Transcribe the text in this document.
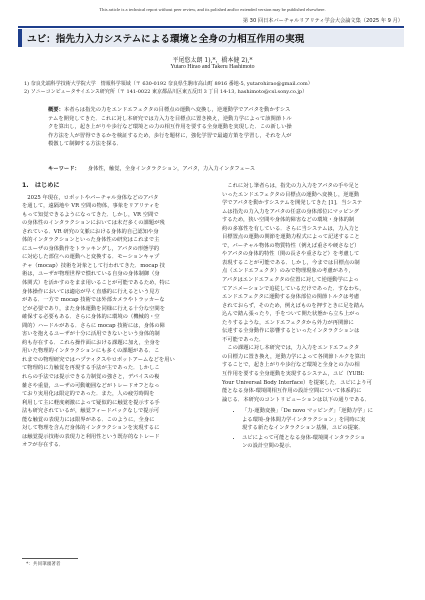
This article is a technical report without peer review, and its polished and/or extended version may be published elsewhere.
第 30 回日本バーチャルリアリティ学会大会論文集（2025 年 9 月）
ユビ：指先力入力システムによる環境と全身の力相互作用の実現
平尾悠太朗 1),*，橋本健 2),*
Yutaro Hirao and Takeru Hashimoto
1) 奈良先端科学技術大学院大学　情報科学領域（〒 630-0192 奈良県生駒市高山町 8916 番地-5, yutarohirao@gmail.com）
2) ソニーコンピュータサイエンス研究所（〒 141-0022 東京都品川区東五反田 3 丁目 14-13, hashimoto@csl.sony.co.jp）
概要：本者らは指先の力をエンドエフェクタの目標点の運動へ変換し，逆運動学でアバタを動かすシス
テムを開発してきた．これに対し本研究では力入力を目標点に置き換え，逆動力学によって該関節トル
クを算出し，起き上がりや歩行など環境との力の相互作用を要する全身運動を実現した．この新しい操
作方法を人が習得できるかを検証するため，歩行を題材に，強化学習で最適方策を学習し，それを人が
模倣して制御する方法を探る．
キーワード： 身体性，触覚，全身インタラクション，アバタ，力入力インタフェース
1.　はじめに
2025 年現在，ロボットやバーチャル身体などのアバタ
を通して，遠隔地や VR 空間の物体，事象をリアリティを
もって知覚できるようになってきた．しかし，VR 空間で
の身体性のインタラクションにおいては未だ多くの課題が残
されている．VR 研究の文脈における身体的自己認知や身
体的インタラクションといった身体性の研究はこれまで主
にユーザの身体動作をトラッキングし，アバタの形態学的
に対応した部位への運動へと変換する．モーションキャプ
チャ（mocap）技術を対象として行われてきた．mocap 技
術は，ユーザが物理世界で慣れている自身の身体制御（身
体関式）を活かすのをまま用いることが可能であるため，特に
身体操作においては適応が早く直感的に行えるという見方
がある．一方で mocap 技術では外部カメラやトラッカーな
どが必要であり，また身体運動を同様に行える十分な空間を
確保する必要もある．さらに身体的に環境の（機械的・空
間的）ハードルがある．さらに mocap 技術には，身体の障
害いを抱えるユーザが十分に活用できないという身体的制
約も存在する．これら操作面における課題に加え，全身を
用いた物理的インタラクションにも多くの課題がある．こ
れまでの物理研究ではハプティクスやロボットアームなどを用い
て物理的に力触覚を再現する手法が主であった．しかしこ
れらの手法では提示できる力制覚の強さと，デバイスの複
雑さや重量，ユーザの可動範囲などがトレードオフとなっ
ており実用化は限定的であった．また，人の疲労時間を
利用して主に軽度刺激によって疑似的に触覚を提示する手
法も研究されているが，触覚フィードバックなしで提示可
能な触覚の表現力には限界がある．このように，全身に
対して物理を含んだ身体的インタラクションを実現するに
は触覚提示技術の表現力と利用性という既存的なトレード
オフが存在する．
これに対し筆者らは，指先の力入力をアバタの手や足と
いったエンドエフェクタの目標点の運動へ変換し，逆運動
学でアバタを動かすシステムを開発してきた [1]．当システ
ムは指先の力入力をアバタの任意の身体部位にマッピング
するため，狭い空間や身体的障害などの環境・身体的制
約の多寡性を有している．さらに当システムは，力入力と
目標置点の運動の関節を運動力程式によって記述すること
で，バーチャル物体の物質特性（例えば重さや硬さなど）
やアバタの身体的特性（関の長さや重さなど）を考慮して
表現することが可能である．しかし，今までは目標点の制
点（エンドエフェクタ）のみで物理現象の考慮があり，
アバタはエンドエフェクタの位置に対して逆運動学によっ
てアニメーションで追従しているだけであった．すなわち，
エンドエフェクタに運動する身体部位の関節トルクは考慮
されておらず，そのため，例えばものを押すときに足を踏ん
込んで踏ん張ったり，手をついて開た状態から立ち上がっ
たりするような，エンドエフェクタから外力が再関節に
伝達する全身動作に影響するといったインタラクションは
不可能であった．
この課題に対し本研究では，力入力をエンドエフェクタ
の目標力に置き換え，逆動力学によって各関節トルクを算出
することで，起き上がりや歩行など環境と全身との力の相
互作用を要する全身運動を実現するシステム，ユビ（YUBI:
Your Universal Body Interface）を提案した．ユビにより可
能となる身体-環境間相互作用の設計空間について体系的に
論じる．本研究のコントリビューションは以下の通りである．
• 「力-運動変換」「De novo マッピング」「逆動力学」に
よる環境-身体間力学インタラクション」を同時に実
現する新たなインタラクション基盤，ユビの提案．
• ユビによって可能となる身体-環境間インタラクショ
ンの設計空間の提示．
*：共同筆頭著者
